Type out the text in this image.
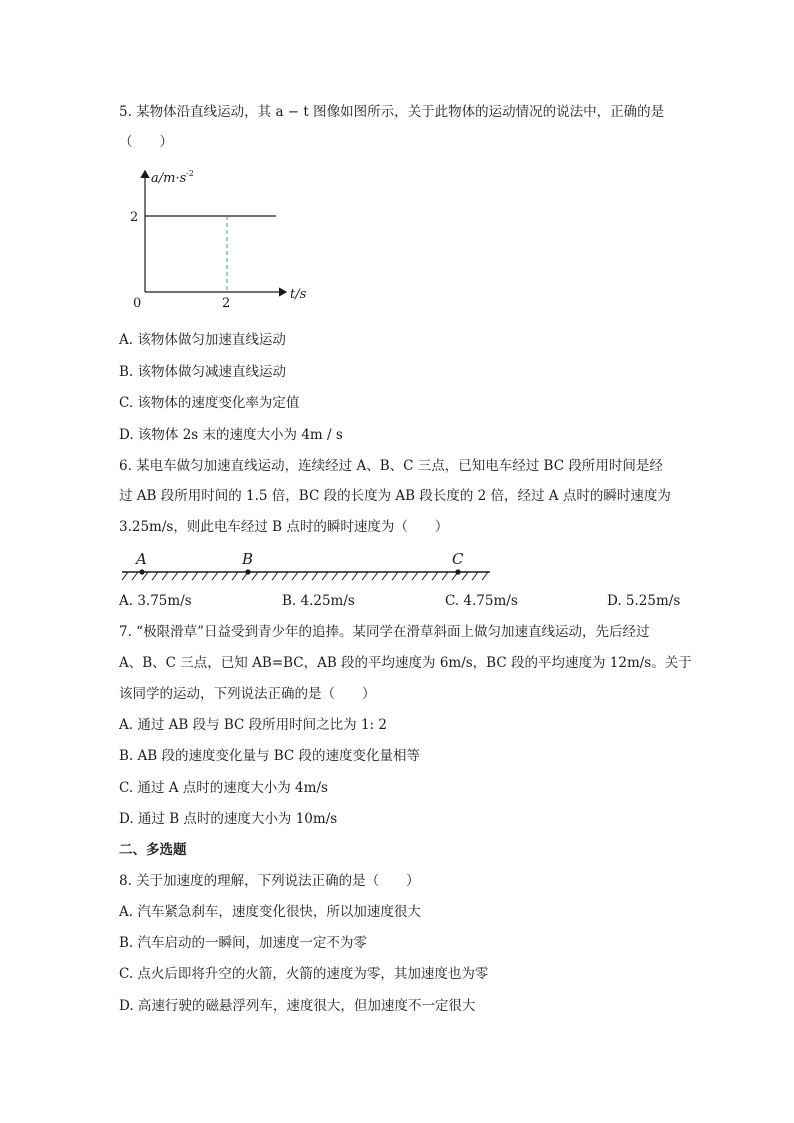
5. 某物体沿直线运动，其 a − t 图像如图所示，关于此物体的运动情况的说法中，正确的是
（　　）
a/m·s -2
2
0	2
t/s
A. 该物体做匀加速直线运动
B. 该物体做匀减速直线运动
C. 该物体的速度变化率为定值
D. 该物体 2s 末的速度大小为 4m / s
6. 某电车做匀加速直线运动，连续经过 A、B、C 三点，已知电车经过 BC 段所用时间是经
过 AB 段所用时间的 1.5 倍，BC 段的长度为 AB 段长度的 2 倍，经过 A 点时的瞬时速度为
3.25m/s，则此电车经过 B 点时的瞬时速度为（　　）
A	B	C
A. 3.75m/s	B. 4.25m/s	C. 4.75m/s	D. 5.25m/s
7. “极限滑草”日益受到青少年的追捧。某同学在滑草斜面上做匀加速直线运动，先后经过
A、B、C 三点，已知 AB=BC，AB 段的平均速度为 6m/s，BC 段的平均速度为 12m/s。关于
该同学的运动，下列说法正确的是（　　）
A. 通过 AB 段与 BC 段所用时间之比为 1: 2
B. AB 段的速度变化量与 BC 段的速度变化量相等
C. 通过 A 点时的速度大小为 4m/s
D. 通过 B 点时的速度大小为 10m/s
二、多选题
8. 关于加速度的理解，下列说法正确的是（　　）
A. 汽车紧急刹车，速度变化很快，所以加速度很大
B. 汽车启动的一瞬间，加速度一定不为零
C. 点火后即将升空的火箭，火箭的速度为零，其加速度也为零
D. 高速行驶的磁悬浮列车，速度很大，但加速度不一定很大
